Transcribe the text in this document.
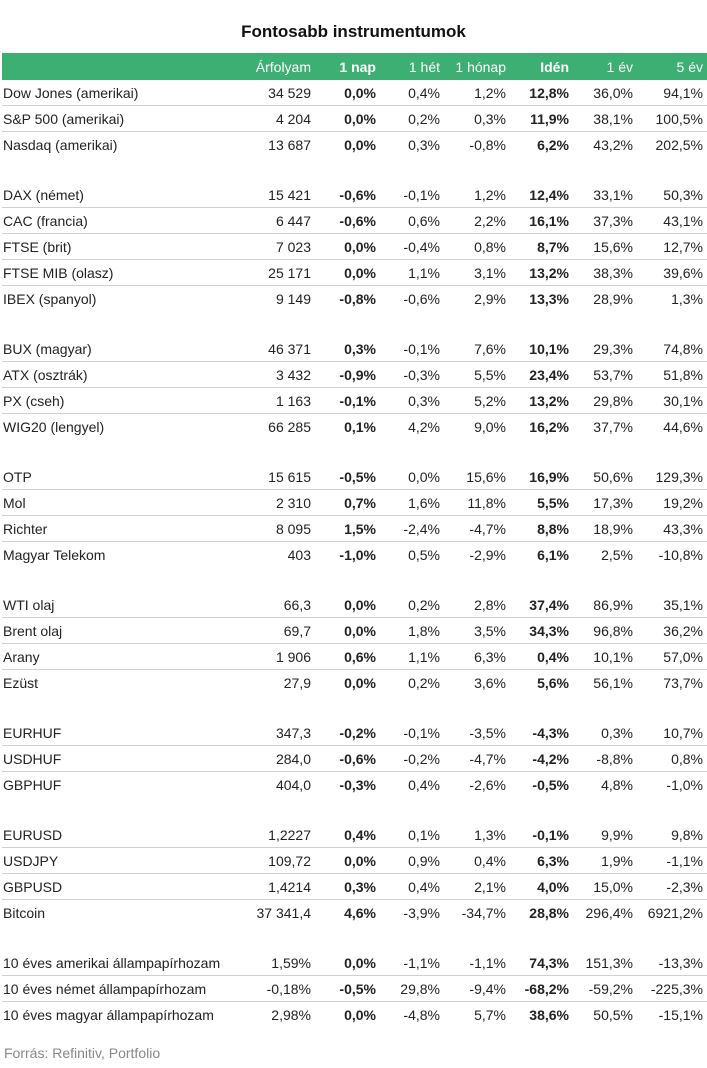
Fontosabb instrumentumok
	Árfolyam	1 nap	1 hét	1 hónap	Idén	1 év	5 év
Dow Jones (amerikai)	34 529	0,0%	0,4%	1,2%	12,8%	36,0%	94,1%
S&P 500 (amerikai)	4 204	0,0%	0,2%	0,3%	11,9%	38,1%	100,5%
Nasdaq (amerikai)	13 687	0,0%	0,3%	-0,8%	6,2%	43,2%	202,5%

DAX (német)	15 421	-0,6%	-0,1%	1,2%	12,4%	33,1%	50,3%
CAC (francia)	6 447	-0,6%	0,6%	2,2%	16,1%	37,3%	43,1%
FTSE (brit)	7 023	0,0%	-0,4%	0,8%	8,7%	15,6%	12,7%
FTSE MIB (olasz)	25 171	0,0%	1,1%	3,1%	13,2%	38,3%	39,6%
IBEX (spanyol)	9 149	-0,8%	-0,6%	2,9%	13,3%	28,9%	1,3%

BUX (magyar)	46 371	0,3%	-0,1%	7,6%	10,1%	29,3%	74,8%
ATX (osztrák)	3 432	-0,9%	-0,3%	5,5%	23,4%	53,7%	51,8%
PX (cseh)	1 163	-0,1%	0,3%	5,2%	13,2%	29,8%	30,1%
WIG20 (lengyel)	66 285	0,1%	4,2%	9,0%	16,2%	37,7%	44,6%

OTP	15 615	-0,5%	0,0%	15,6%	16,9%	50,6%	129,3%
Mol	2 310	0,7%	1,6%	11,8%	5,5%	17,3%	19,2%
Richter	8 095	1,5%	-2,4%	-4,7%	8,8%	18,9%	43,3%
Magyar Telekom	403	-1,0%	0,5%	-2,9%	6,1%	2,5%	-10,8%

WTI olaj	66,3	0,0%	0,2%	2,8%	37,4%	86,9%	35,1%
Brent olaj	69,7	0,0%	1,8%	3,5%	34,3%	96,8%	36,2%
Arany	1 906	0,6%	1,1%	6,3%	0,4%	10,1%	57,0%
Ezüst	27,9	0,0%	0,2%	3,6%	5,6%	56,1%	73,7%

EURHUF	347,3	-0,2%	-0,1%	-3,5%	-4,3%	0,3%	10,7%
USDHUF	284,0	-0,6%	-0,2%	-4,7%	-4,2%	-8,8%	0,8%
GBPHUF	404,0	-0,3%	0,4%	-2,6%	-0,5%	4,8%	-1,0%

EURUSD	1,2227	0,4%	0,1%	1,3%	-0,1%	9,9%	9,8%
USDJPY	109,72	0,0%	0,9%	0,4%	6,3%	1,9%	-1,1%
GBPUSD	1,4214	0,3%	0,4%	2,1%	4,0%	15,0%	-2,3%
Bitcoin	37 341,4	4,6%	-3,9%	-34,7%	28,8%	296,4%	6921,2%

10 éves amerikai állampapírhozam	1,59%	0,0%	-1,1%	-1,1%	74,3%	151,3%	-13,3%
10 éves német állampapírhozam	-0,18%	-0,5%	29,8%	-9,4%	-68,2%	-59,2%	-225,3%
10 éves magyar állampapírhozam	2,98%	0,0%	-4,8%	5,7%	38,6%	50,5%	-15,1%
Forrás: Refinitiv, Portfolio
